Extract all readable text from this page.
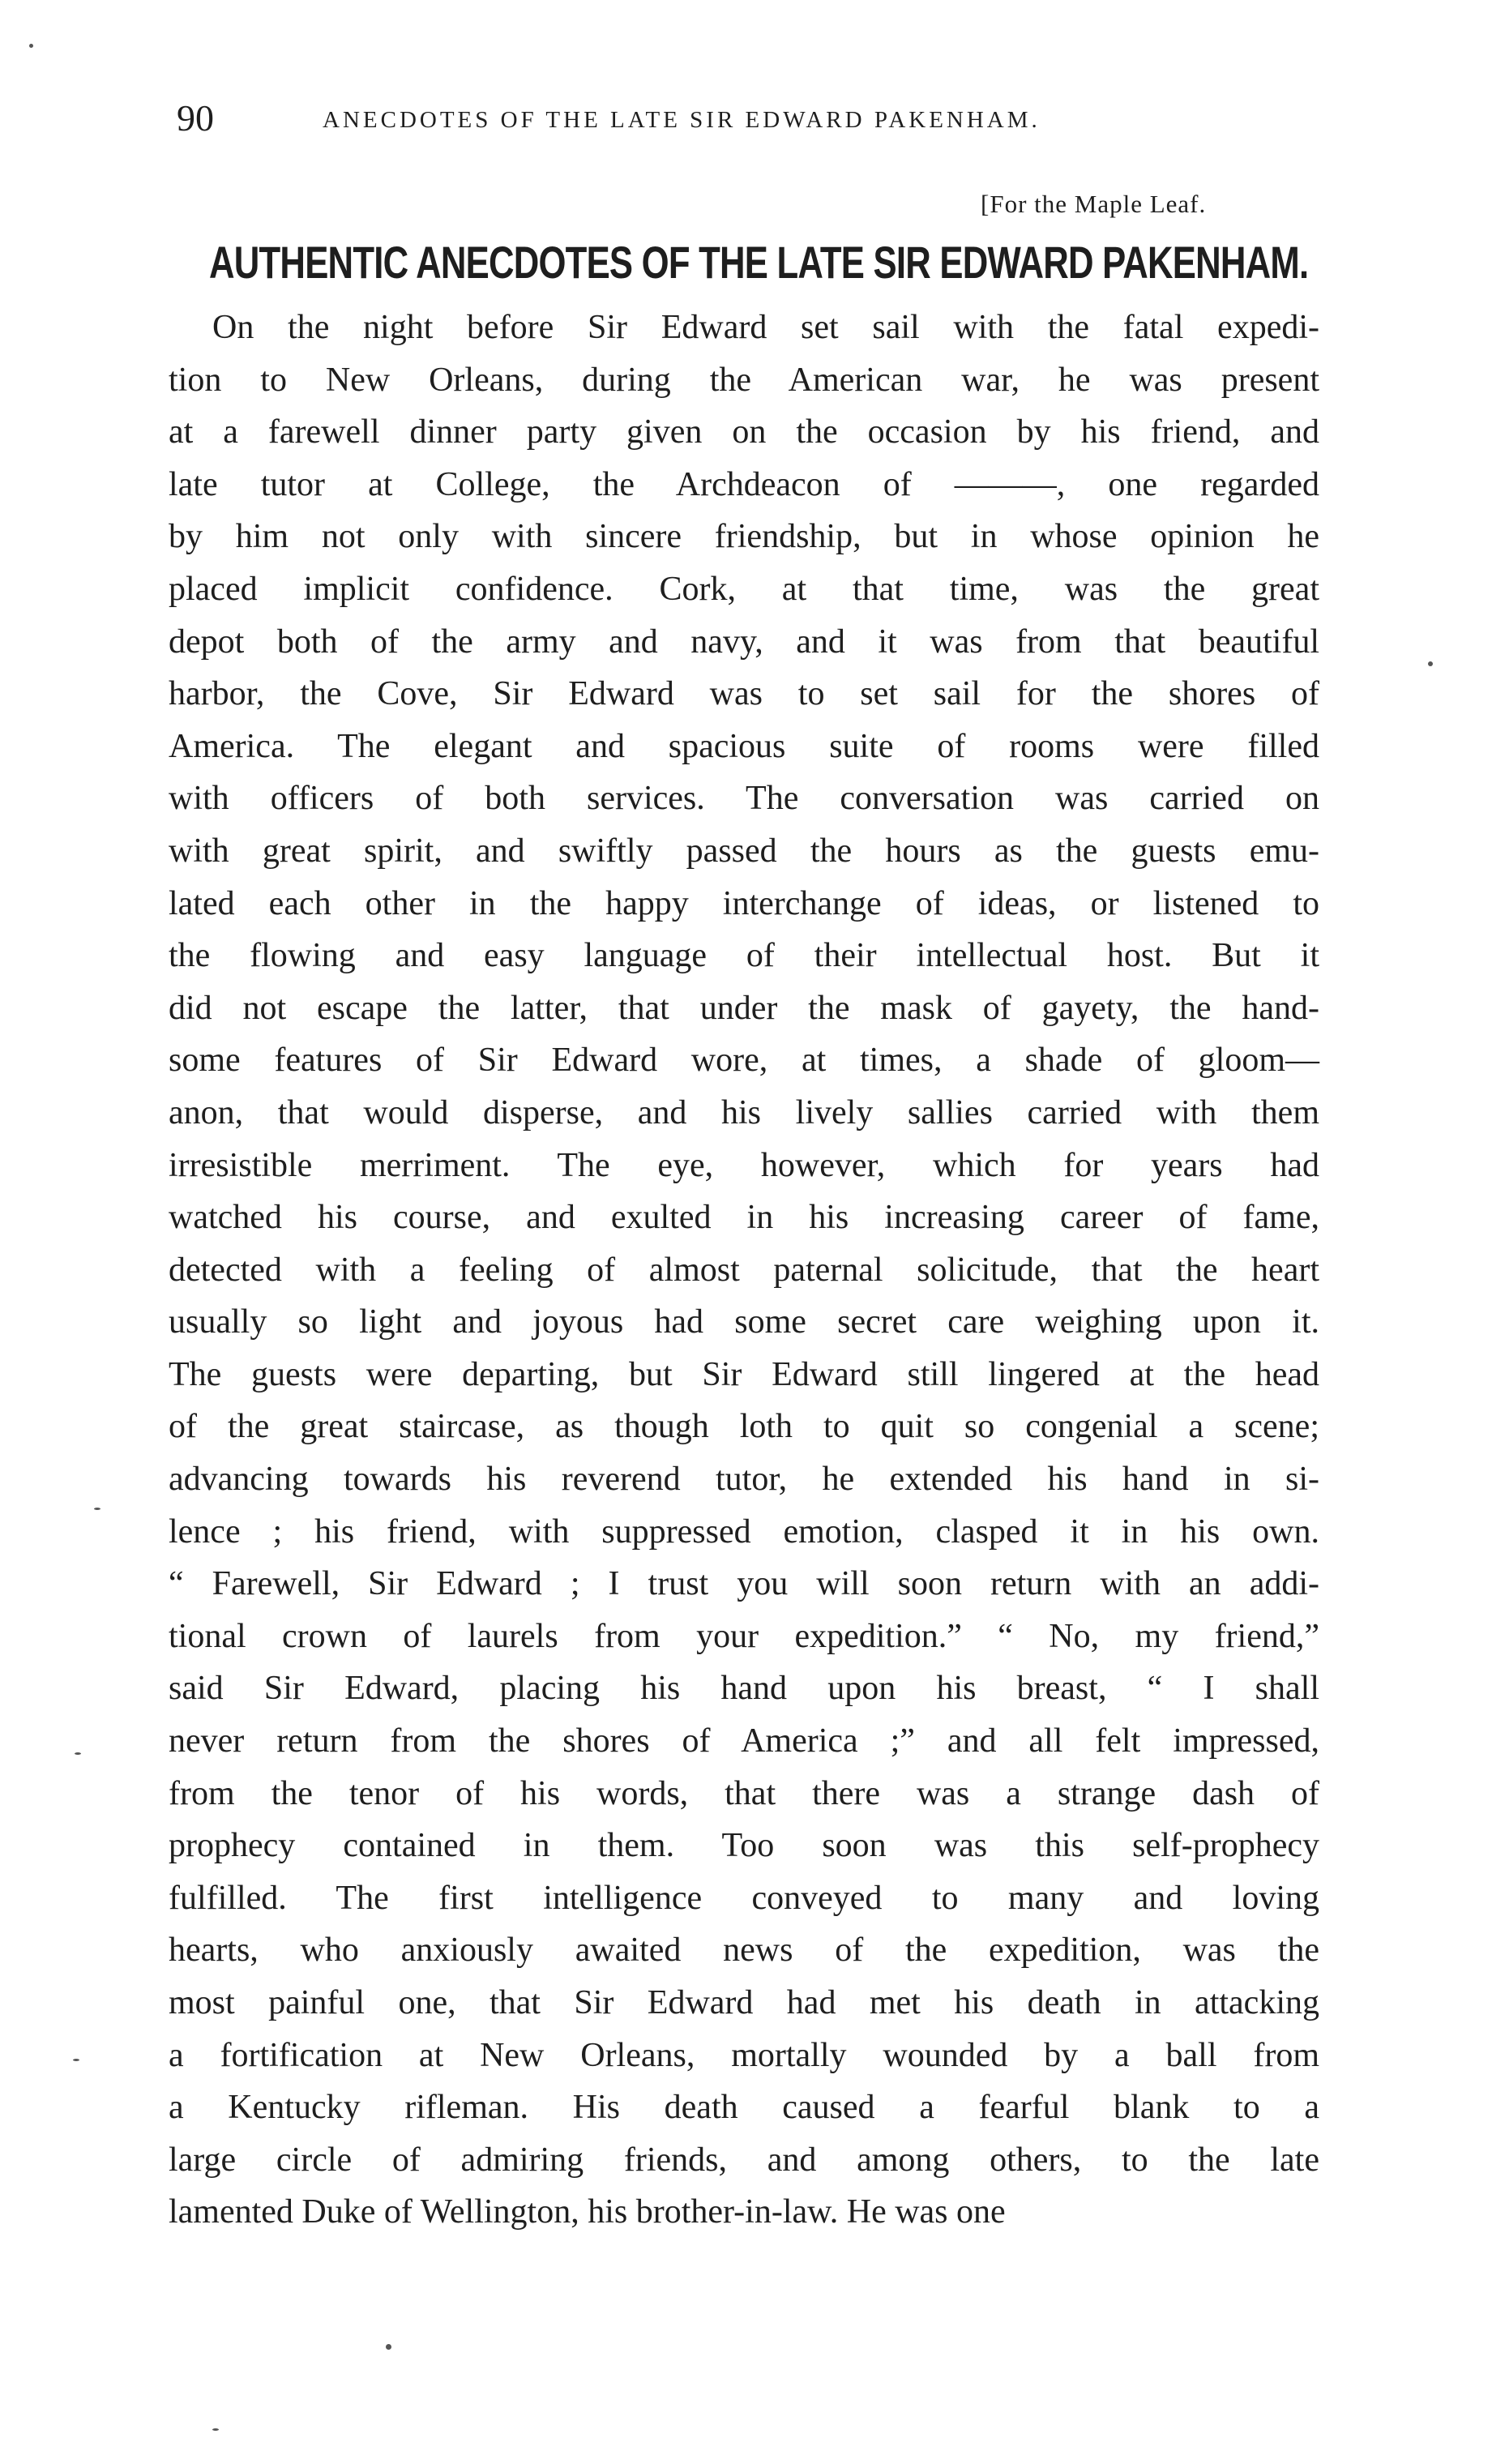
90	ANECDOTES OF THE LATE SIR EDWARD PAKENHAM.
[For the Maple Leaf.
AUTHENTIC ANECDOTES OF THE LATE SIR EDWARD PAKENHAM.
On the night before Sir Edward set sail with the fatal expedi-
tion to New Orleans, during the American war, he was present
at a farewell dinner party given on the occasion by his friend, and
late tutor at College, the Archdeacon of ———, one regarded
by him not only with sincere friendship, but in whose opinion he
placed implicit confidence. Cork, at that time, was the great
depot both of the army and navy, and it was from that beautiful
harbor, the Cove, Sir Edward was to set sail for the shores of
America. The elegant and spacious suite of rooms were filled
with officers of both services. The conversation was carried on
with great spirit, and swiftly passed the hours as the guests emu-
lated each other in the happy interchange of ideas, or listened to
the flowing and easy language of their intellectual host. But it
did not escape the latter, that under the mask of gayety, the hand-
some features of Sir Edward wore, at times, a shade of gloom—
anon, that would disperse, and his lively sallies carried with them
irresistible merriment. The eye, however, which for years had
watched his course, and exulted in his increasing career of fame,
detected with a feeling of almost paternal solicitude, that the heart
usually so light and joyous had some secret care weighing upon it.
The guests were departing, but Sir Edward still lingered at the head
of the great staircase, as though loth to quit so congenial a scene;
advancing towards his reverend tutor, he extended his hand in si-
lence ; his friend, with suppressed emotion, clasped it in his own.
“ Farewell, Sir Edward ; I trust you will soon return with an addi-
tional crown of laurels from your expedition.” “ No, my friend,”
said Sir Edward, placing his hand upon his breast, “ I shall
never return from the shores of America ;” and all felt impressed,
from the tenor of his words, that there was a strange dash of
prophecy contained in them. Too soon was this self-prophecy
fulfilled. The first intelligence conveyed to many and loving
hearts, who anxiously awaited news of the expedition, was the
most painful one, that Sir Edward had met his death in attacking
a fortification at New Orleans, mortally wounded by a ball from
a Kentucky rifleman. His death caused a fearful blank to a
large circle of admiring friends, and among others, to the late
lamented Duke of Wellington, his brother-in-law. He was one
